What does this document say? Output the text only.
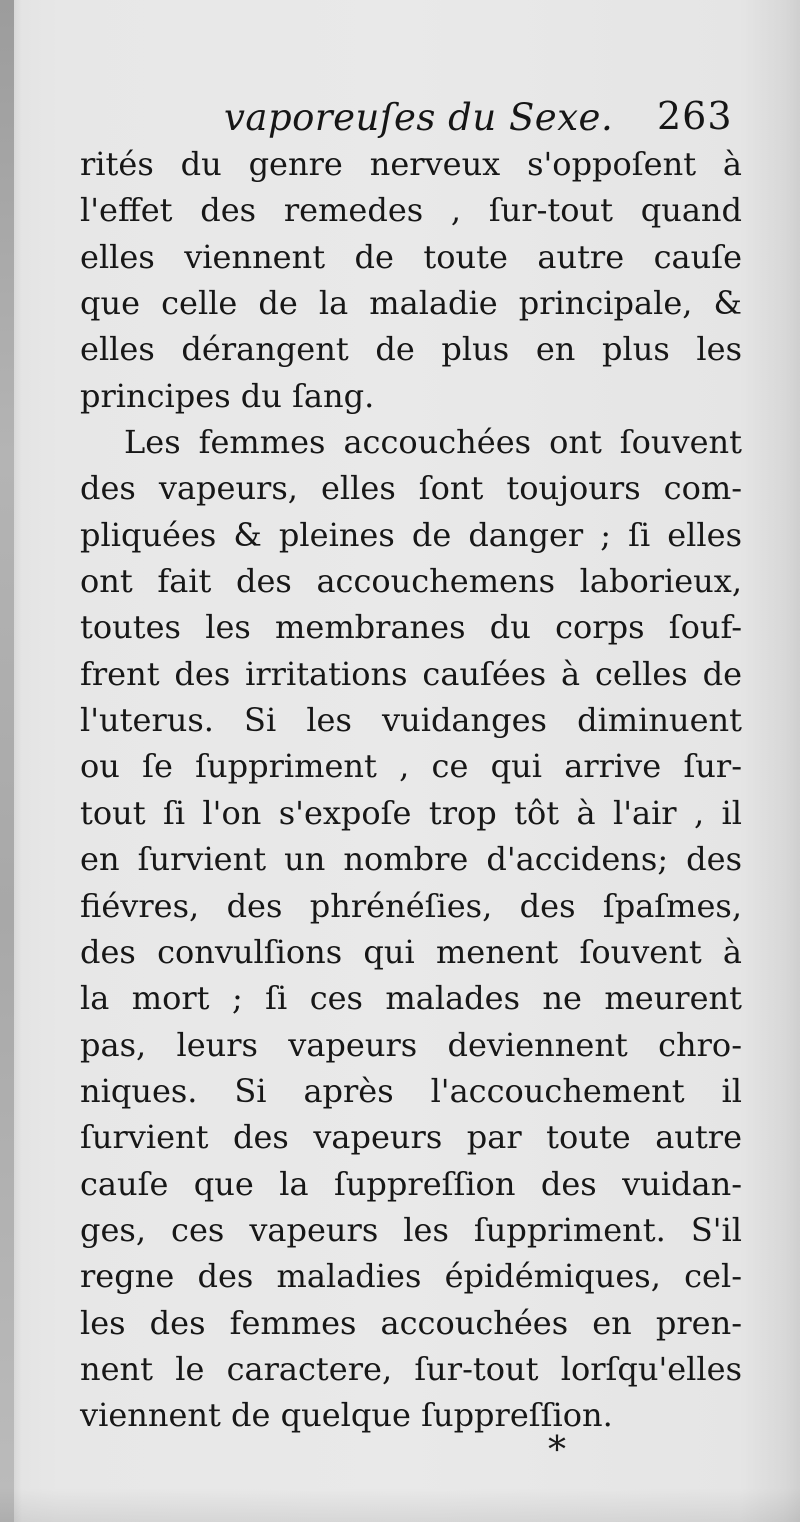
vaporeuſes du Sexe. 263
rités du genre nerveux s'oppoſent à
l'effet des remedes , ſur-tout quand
elles viennent de toute autre cauſe
que celle de la maladie principale, &
elles dérangent de plus en plus les
principes du ſang.
Les femmes accouchées ont ſouvent
des vapeurs, elles ſont toujours com-
pliquées & pleines de danger ; ſi elles
ont fait des accouchemens laborieux,
toutes les membranes du corps ſouf-
frent des irritations cauſées à celles de
l'uterus. Si les vuidanges diminuent
ou ſe ſuppriment , ce qui arrive ſur-
tout ſi l'on s'expoſe trop tôt à l'air , il
en ſurvient un nombre d'accidens; des
fiévres, des phrénéſies, des ſpaſmes,
des convulſions qui menent ſouvent à
la mort ; ſi ces malades ne meurent
pas, leurs vapeurs deviennent chro-
niques. Si après l'accouchement il
ſurvient des vapeurs par toute autre
cauſe que la ſuppreſſion des vuidan-
ges, ces vapeurs les ſuppriment. S'il
regne des maladies épidémiques, cel-
les des femmes accouchées en pren-
nent le caractere, ſur-tout lorſqu'elles
viennent de quelque ſuppreſſion.
*
